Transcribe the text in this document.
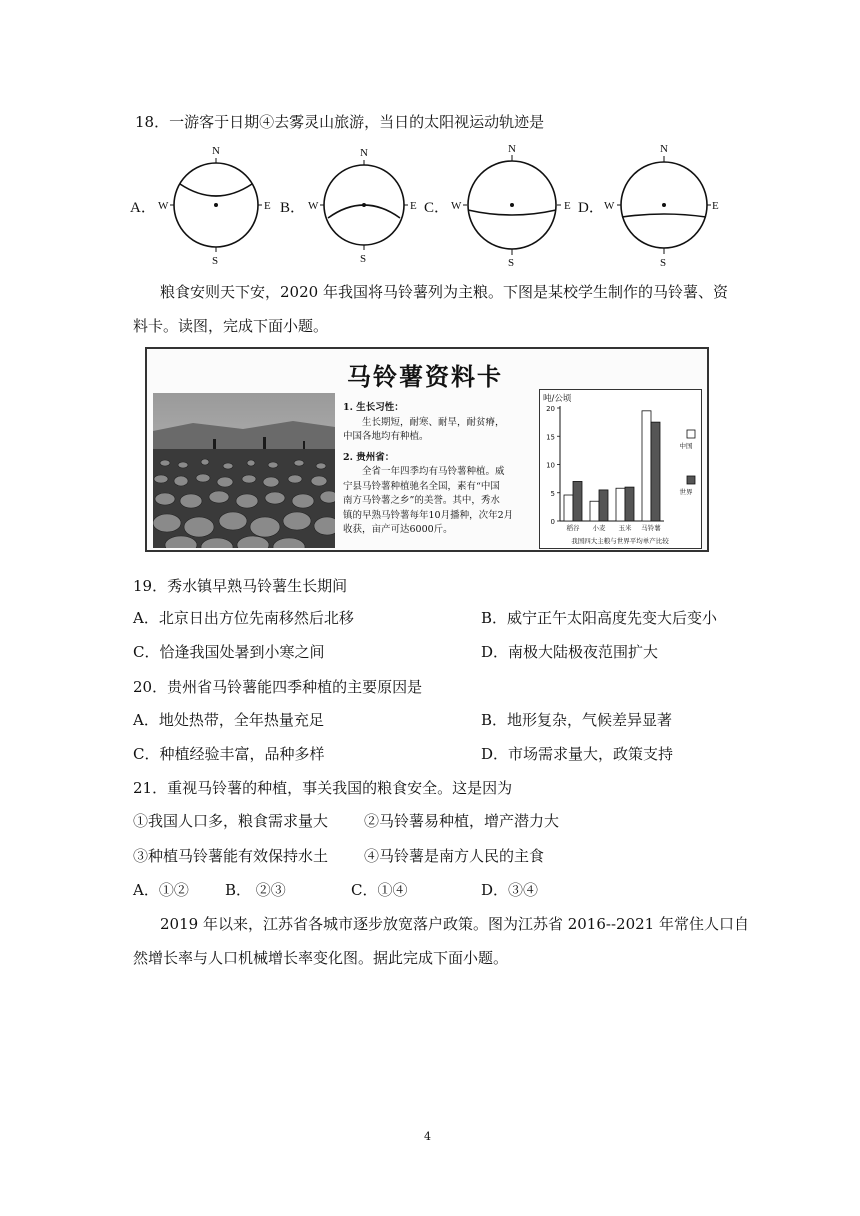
18．一游客于日期④去雾灵山旅游，当日的太阳视运动轨迹是
A．
N
S
W	E B．
N
S
W	E C．
N
S
W	E D．
N
S
W	E
粮食安则天下安，2020 年我国将马铃薯列为主粮。下图是某校学生制作的马铃薯、资
料卡。读图，完成下面小题。
马铃薯资料卡

1. 生长习性：

生长期短，耐寒、耐旱，耐贫瘠，

中国各地均有种植。

2. 贵州省：

全省一年四季均有马铃薯种植。威

宁县马铃薯种植驰名全国，素有“中国

南方马铃薯之乡”的美誉。其中，秀水

镇的早熟马铃薯每年10月播种，次年2月

收获，亩产可达6000斤。

吨/公顷
我国四大主粮与世界平均单产比较
0
5
10
15
20
稻谷 小麦 玉米 马铃薯
中国
世界
19．秀水镇早熟马铃薯生长期间
A．北京日出方位先南移然后北移	B．威宁正午太阳高度先变大后变小
C．恰逢我国处暑到小寒之间	D．南极大陆极夜范围扩大
20．贵州省马铃薯能四季种植的主要原因是
A．地处热带，全年热量充足	B．地形复杂，气候差异显著
C．种植经验丰富，品种多样	D．市场需求量大，政策支持
21．重视马铃薯的种植，事关我国的粮食安全。这是因为
①我国人口多，粮食需求量大 ②马铃薯易种植，增产潜力大
③种植马铃薯能有效保持水土 ④马铃薯是南方人民的主食
A．①② B． ②③	C．①④	D．③④
2019 年以来，江苏省各城市逐步放宽落户政策。图为江苏省 2016--2021 年常住人口自
然增长率与人口机械增长率变化图。据此完成下面小题。
4
